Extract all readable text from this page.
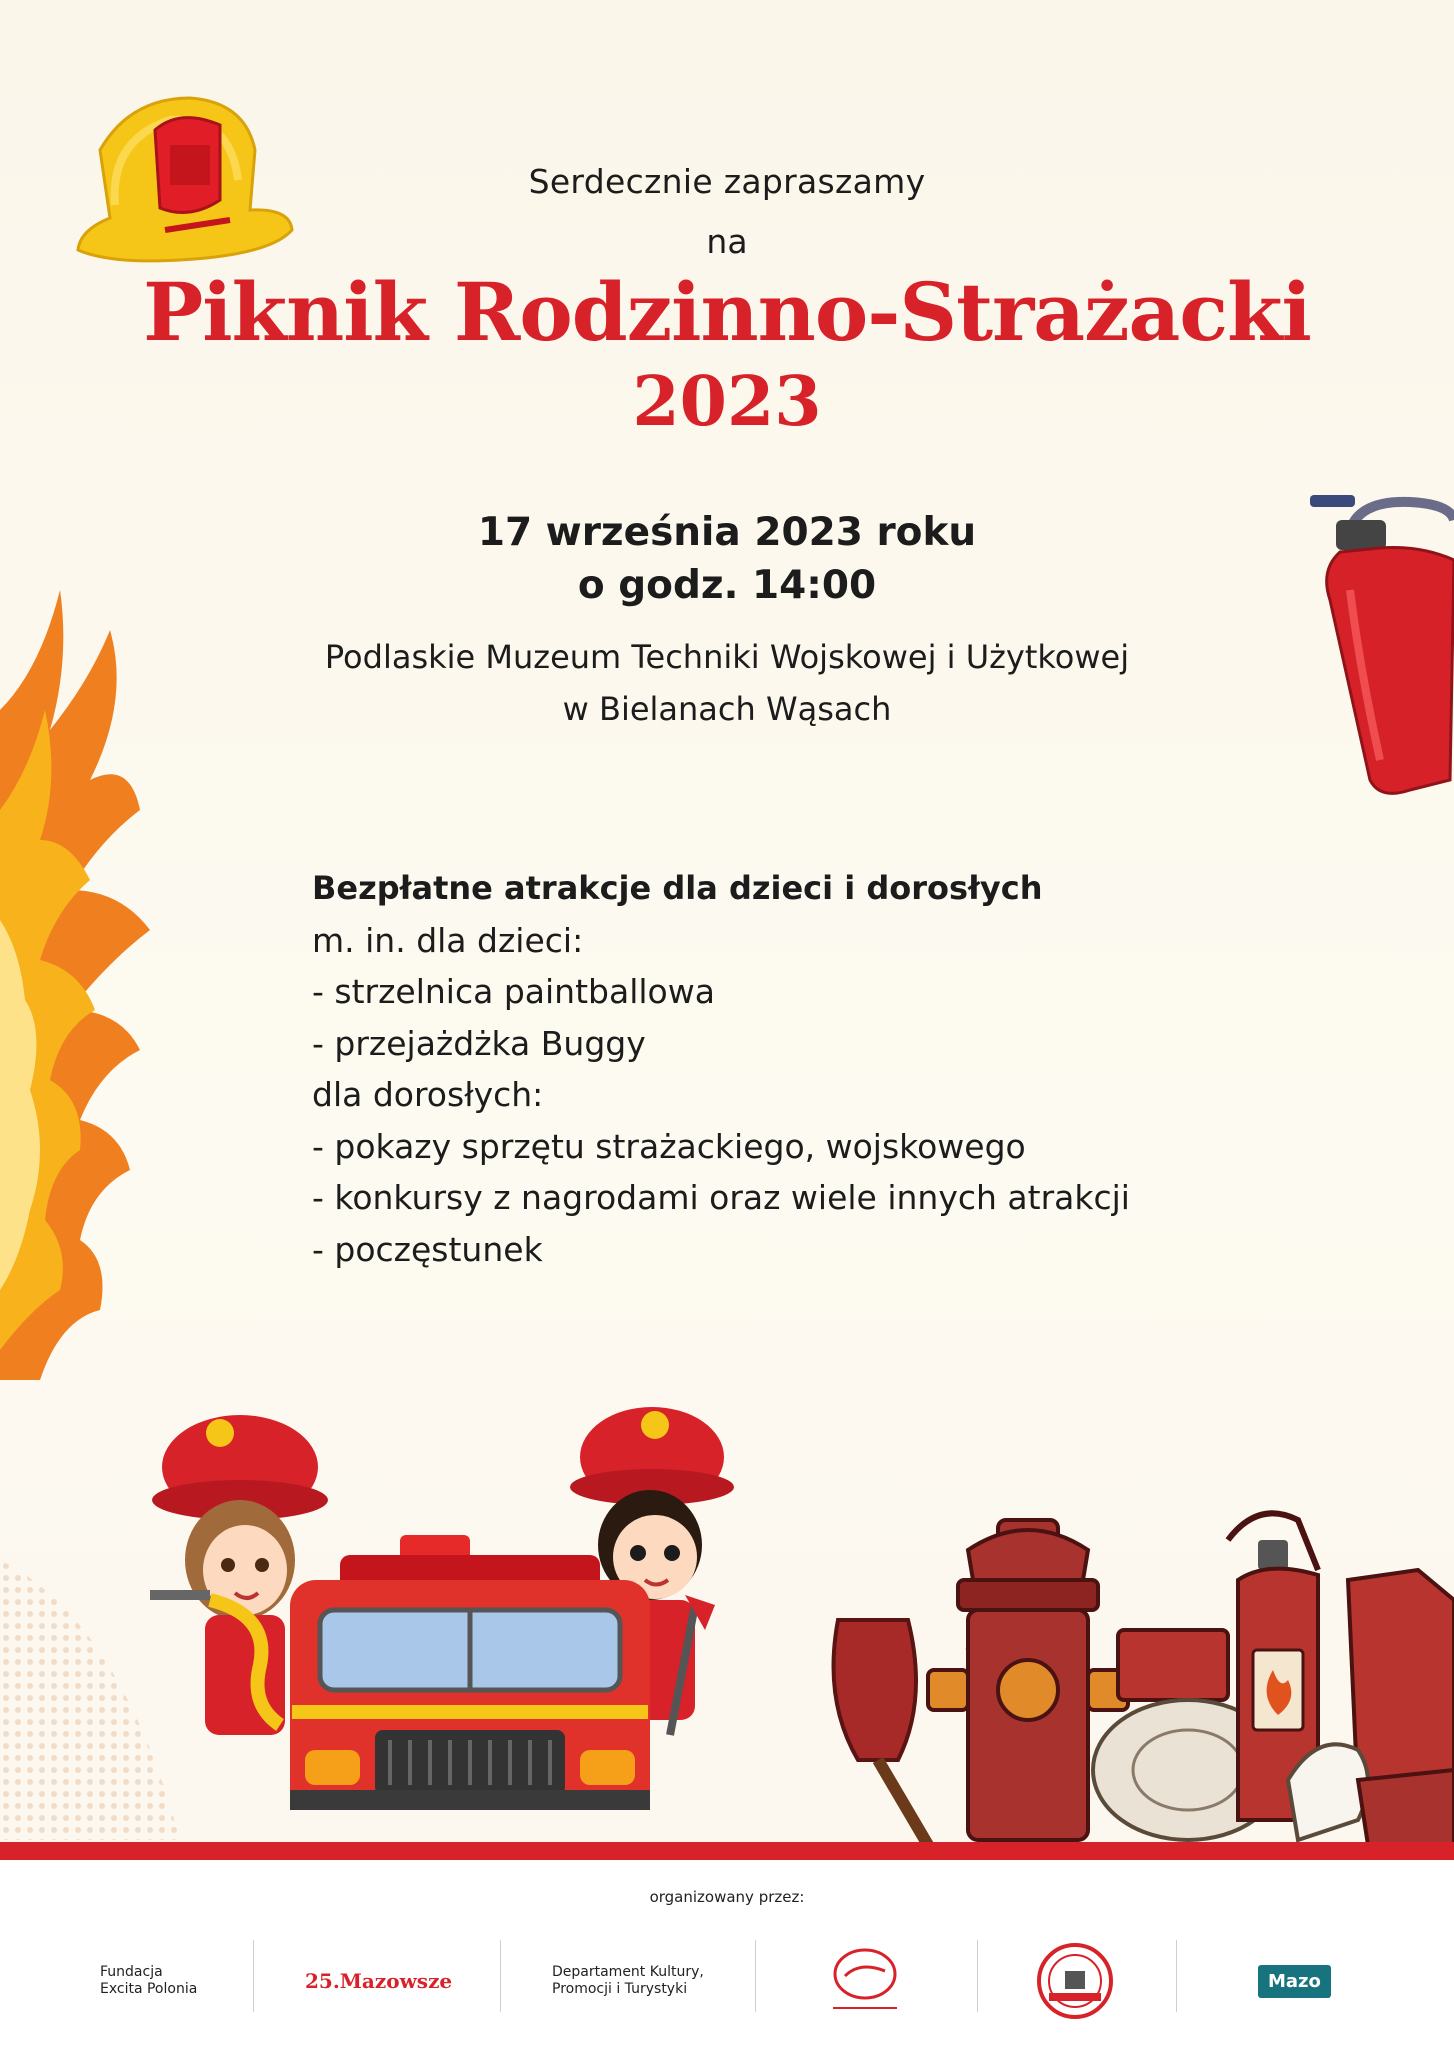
Serdecznie zapraszamy
na
Piknik Rodzinno-Strażacki
2023
17 września 2023 roku
o godz. 14:00
Podlaskie Muzeum Techniki Wojskowej i Użytkowej
w Bielanach Wąsach
Bezpłatne atrakcje dla dzieci i dorosłych
m. in. dla dzieci:
- strzelnica paintballowa
- przejażdżka Buggy
dla dorosłych:
- pokazy sprzętu strażackiego, wojskowego
- konkursy z nagrodami oraz wiele innych atrakcji
- poczęstunek
organizowany przez:
Fundacja
Excita Polonia	25.Mazowsze	Departament Kultury,
Promocji i Turystyki	Mazo
